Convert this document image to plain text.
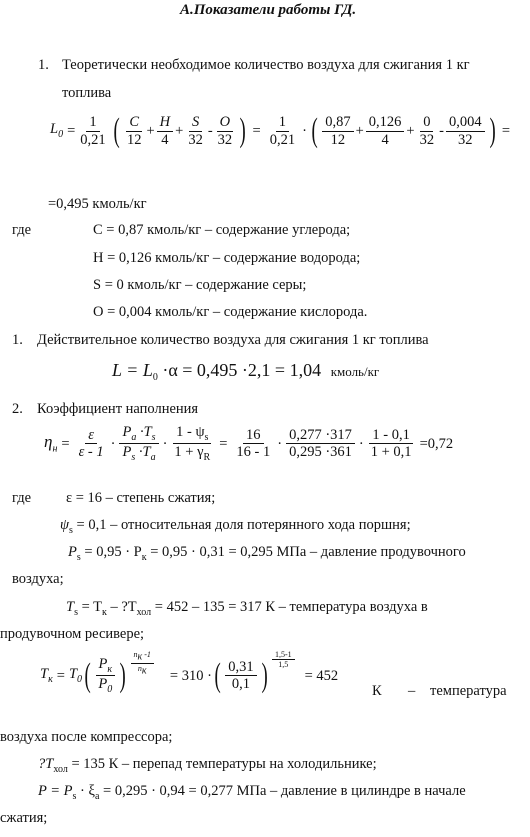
А.Показатели работы ГД.
1. Теоретически необходимое количество воздуха для сжигания 1 кг
топлива
$L_0 = \frac{1}{0,21}$ ( $\frac{C}{12} + \frac{H}{4} + \frac{S}{32} - \frac{O}{32}$ ) = $\frac{1}{0,21}$ · ( $\frac{0,87}{12} + \frac{0,126}{4} + \frac{0}{32} - \frac{0,004}{32}$ ) =
=0,495 кмоль/кг
где	C = 0,87 кмоль/кг – содержание углерода;
H = 0,126 кмоль/кг – содержание водорода;
S = 0 кмоль/кг – содержание серы;
O = 0,004 кмоль/кг – содержание кислорода.
1. Действительное количество воздуха для сжигания 1 кг топлива
$L = L_0 \cdot\alpha = 0,495 \cdot 2,1 = 1,04$ кмоль/кг
2. Коэффициент наполнения
$\eta_н = \frac{\varepsilon}{\varepsilon - 1} \cdot \frac{P_a \cdot T_s}{P_s \cdot T_a} \cdot \frac{1 - \psi_s}{1 + \gamma_R} = \frac{16}{16 - 1} \cdot \frac{0,277 \cdot 317}{0,295 \cdot 361} \cdot \frac{1 - 0,1}{1 + 0,1} =0,72$
где ε = 16 – степень сжатия;
$\psi_s = 0,1$ – относительная доля потерянного хода поршня;
$P_s = 0,95 \cdot P_к = 0,95 \cdot 0,31 = 0,295$ МПа – давление продувочного
воздуха;
$T_s = T_к$ – $?T_{хол} = 452 - 135 = 317$ К – температура воздуха в
продувочном ресивере;
$T_к = T_0$ ( $\frac{P_к}{P_0}$ ) $\frac{n_к -1}{n_к} = 310$ · ( $\frac{0,31}{0,1}$ ) $\frac{1,5-1}{1,5}$
= 452
К – температура
воздуха после компрессора;
$?T_{хол} = 135$ К – перепад температуры на холодильнике;
$P = P_s \cdot \xi_a = 0,295 \cdot 0,94 = 0,277$ МПа – давление в цилиндре в начале
сжатия;
